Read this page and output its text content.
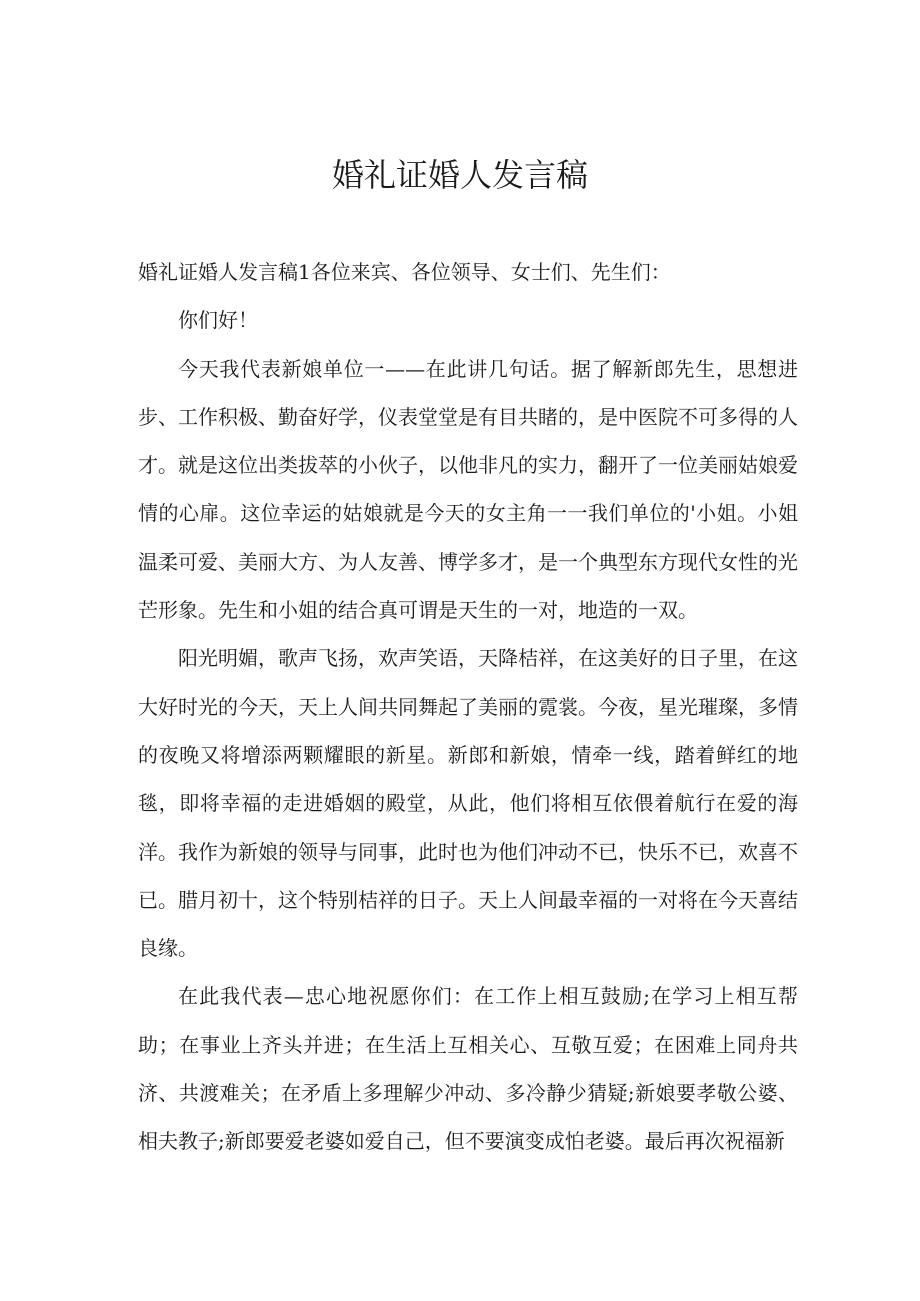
婚礼证婚人发言稿

婚礼证婚人发言稿1各位来宾、各位领导、女士们、先生们：

你们好！

今天我代表新娘单位一——在此讲几句话。据了解新郎先生，思想进步、工作积极、勤奋好学，仪表堂堂是有目共睹的，是中医院不可多得的人才。就是这位出类拔萃的小伙子，以他非凡的实力，翻开了一位美丽姑娘爱情的心扉。这位幸运的姑娘就是今天的女主角一一我们单位的'小姐。小姐温柔可爱、美丽大方、为人友善、博学多才，是一个典型东方现代女性的光芒形象。先生和小姐的结合真可谓是天生的一对，地造的一双。

阳光明媚，歌声飞扬，欢声笑语，天降桔祥，在这美好的日子里，在这大好时光的今天，天上人间共同舞起了美丽的霓裳。今夜，星光璀璨，多情的夜晚又将增添两颗耀眼的新星。新郎和新娘，情牵一线，踏着鲜红的地毯，即将幸福的走进婚姻的殿堂，从此，他们将相互依偎着航行在爱的海洋。我作为新娘的领导与同事，此时也为他们冲动不已，快乐不已，欢喜不已。腊月初十，这个特别桔祥的日子。天上人间最幸福的一对将在今天喜结良缘。

在此我代表—忠心地祝愿你们：在工作上相互鼓励;在学习上相互帮助；在事业上齐头并进；在生活上互相关心、互敬互爱；在困难上同舟共济、共渡难关；在矛盾上多理解少冲动、多冷静少猜疑;新娘要孝敬公婆、相夫教子;新郎要爱老婆如爱自己，但不要演变成怕老婆。最后再次祝福新
